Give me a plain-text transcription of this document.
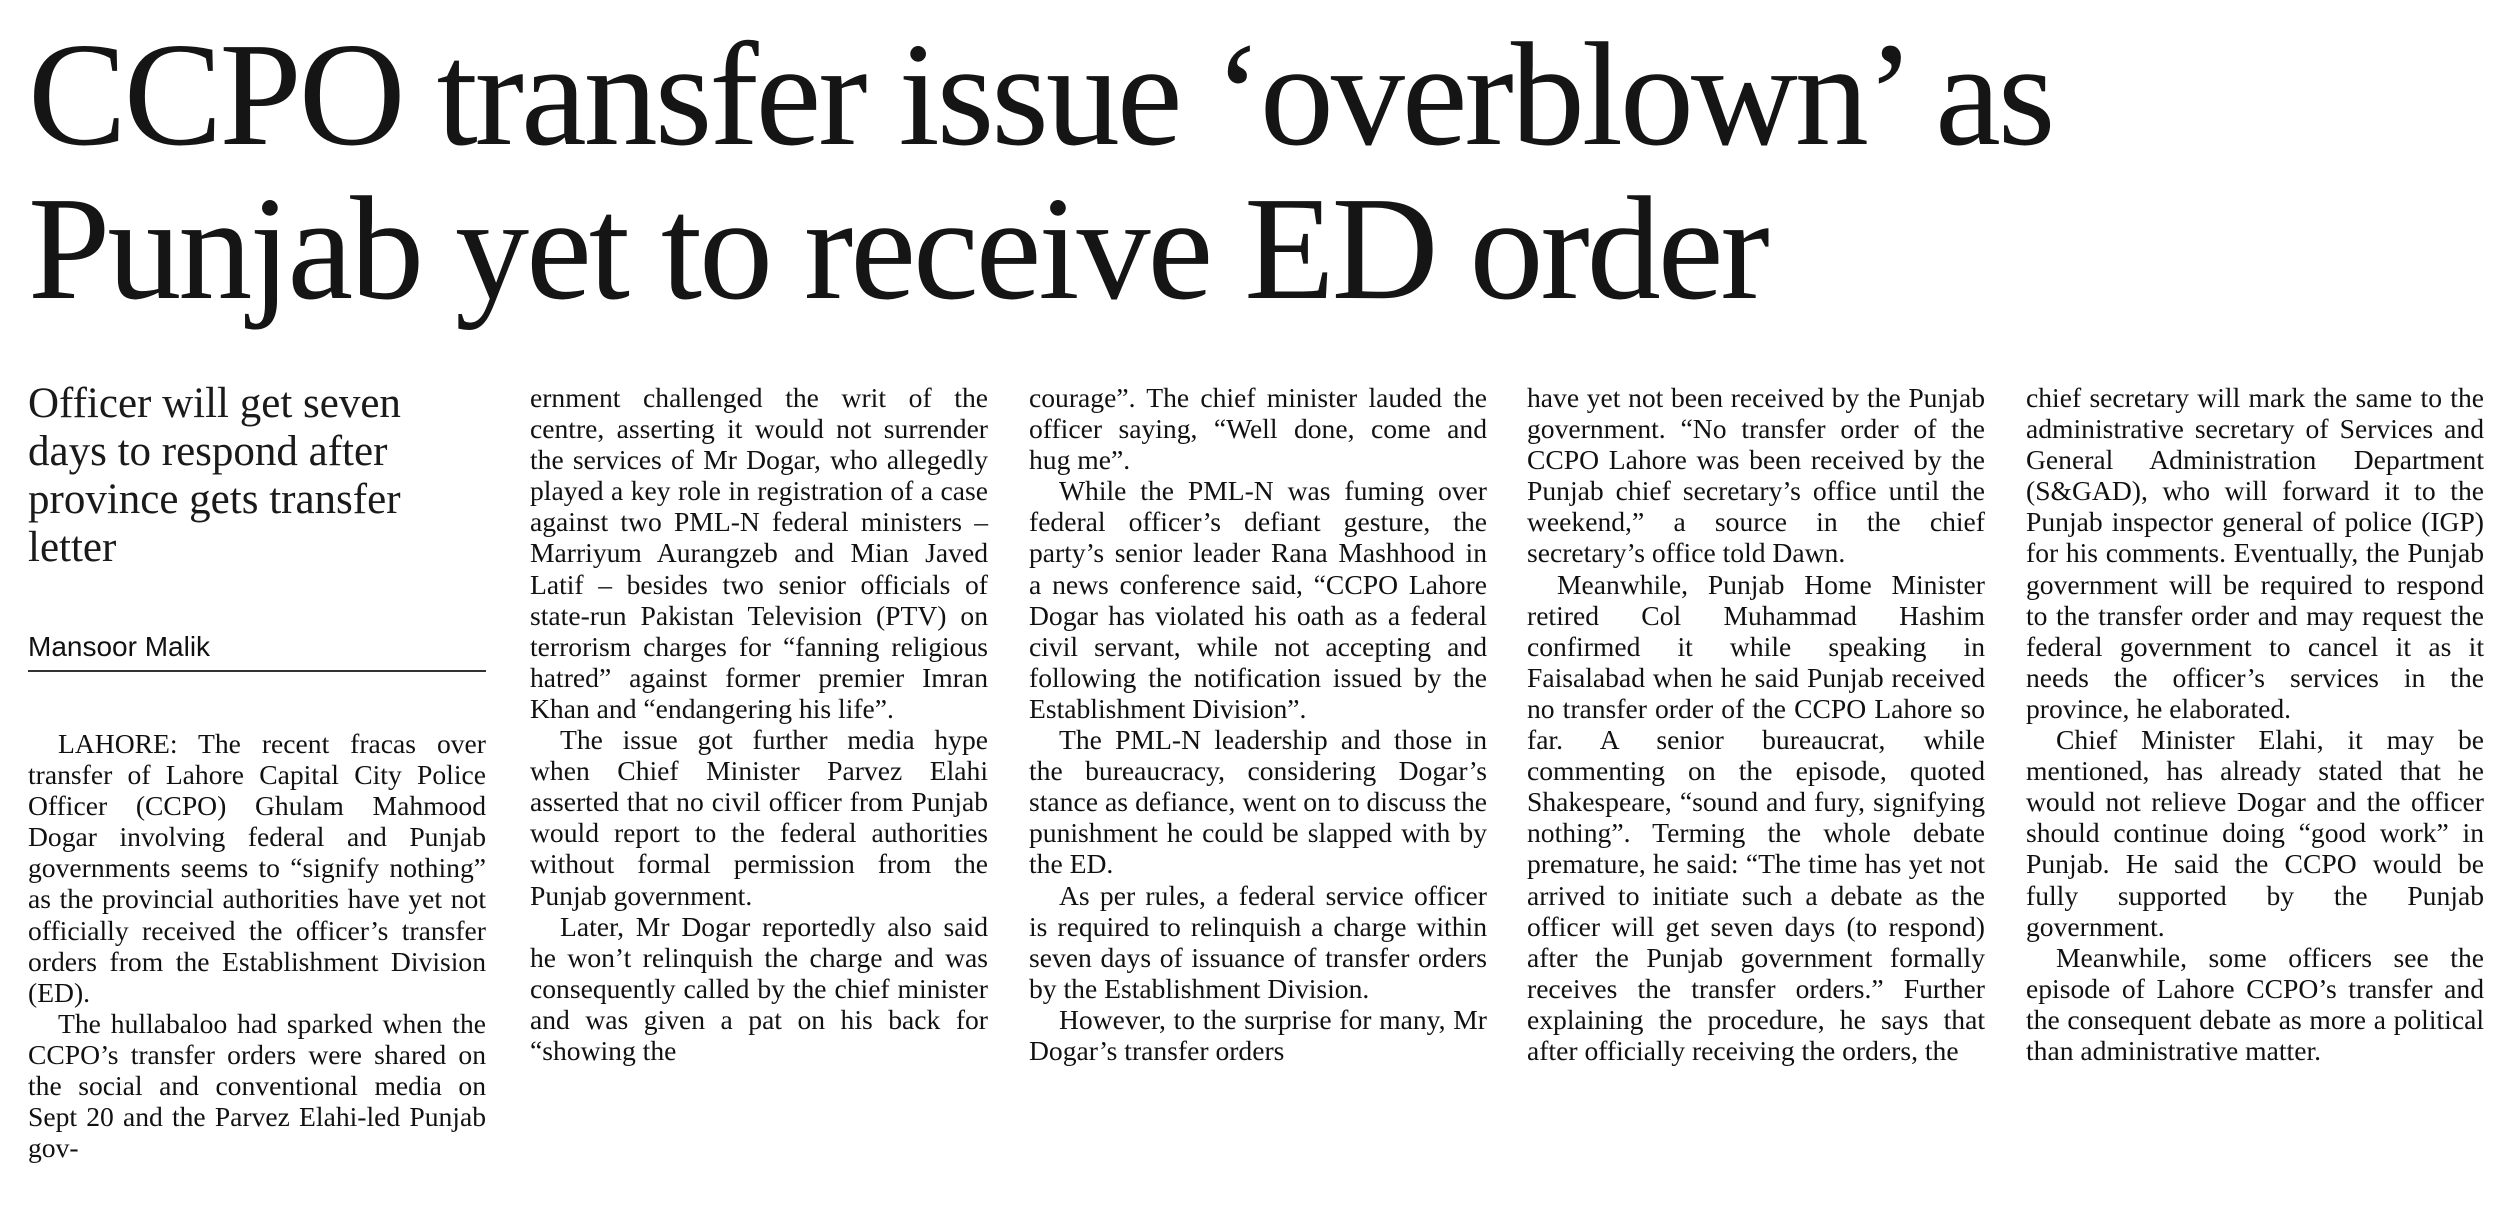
CCPO transfer issue ‘overblown’ as Punjab yet to receive ED order
Officer will get seven days to respond after province gets transfer letter
Mansoor Malik

LAHORE: The recent fracas over transfer of Lahore Capital City Police Officer (CCPO) Ghulam Mahmood Dogar involving federal and Punjab governments seems to “signify nothing” as the provincial authorities have yet not officially received the officer’s transfer orders from the Establishment Division (ED).

The hullabaloo had sparked when the CCPO’s transfer orders were shared on the social and conventional media on Sept 20 and the Parvez Elahi-led Punjab gov-

ernment challenged the writ of the centre, asserting it would not surrender the services of Mr Dogar, who allegedly played a key role in registration of a case against two PML-N federal ministers – Marriyum Aurangzeb and Mian Javed Latif – besides two senior officials of state-run Pakistan Television (PTV) on terrorism charges for “fanning religious hatred” against former premier Imran Khan and “endangering his life”.

The issue got further media hype when Chief Minister Parvez Elahi asserted that no civil officer from Punjab would report to the federal authorities without formal permission from the Punjab government.

Later, Mr Dogar reportedly also said he won’t relinquish the charge and was consequently called by the chief minister and was given a pat on his back for “showing the

courage”. The chief minister lauded the officer saying, “Well done, come and hug me”.

While the PML-N was fuming over federal officer’s defiant gesture, the party’s senior leader Rana Mashhood in a news conference said, “CCPO Lahore Dogar has violated his oath as a federal civil servant, while not accepting and following the notification issued by the Establishment Division”.

The PML-N leadership and those in the bureaucracy, considering Dogar’s stance as defiance, went on to discuss the punishment he could be slapped with by the ED.

As per rules, a federal service officer is required to relinquish a charge within seven days of issuance of transfer orders by the Establishment Division.

However, to the surprise for many, Mr Dogar’s transfer orders

have yet not been received by the Punjab government. “No transfer order of the CCPO Lahore was been received by the Punjab chief secretary’s office until the weekend,” a source in the chief secretary’s office told Dawn.

Meanwhile, Punjab Home Minister retired Col Muhammad Hashim confirmed it while speaking in Faisalabad when he said Punjab received no transfer order of the CCPO Lahore so far. A senior bureaucrat, while commenting on the episode, quoted Shakespeare, “sound and fury, signifying nothing”. Terming the whole debate premature, he said: “The time has yet not arrived to initiate such a debate as the officer will get seven days (to respond) after the Punjab government formally receives the transfer orders.” Further explaining the procedure, he says that after officially receiving the orders, the

chief secretary will mark the same to the administrative secretary of Services and General Administration Department (S&GAD), who will forward it to the Punjab inspector general of police (IGP) for his comments. Eventually, the Punjab government will be required to respond to the transfer order and may request the federal government to cancel it as it needs the officer’s services in the province, he elaborated.

Chief Minister Elahi, it may be mentioned, has already stated that he would not relieve Dogar and the officer should continue doing “good work” in Punjab. He said the CCPO would be fully supported by the Punjab government.

Meanwhile, some officers see the episode of Lahore CCPO’s transfer and the consequent debate as more a political than administrative matter.
